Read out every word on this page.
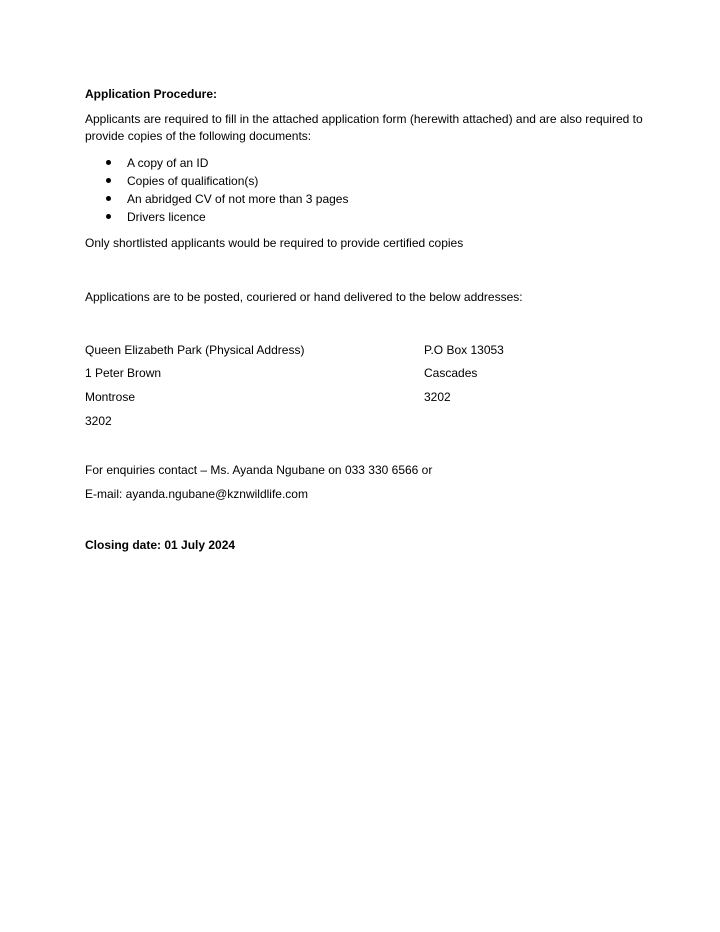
Application Procedure:
Applicants are required to fill in the attached application form (herewith attached) and are also required to provide copies of the following documents:
A copy of an ID
Copies of qualification(s)
An abridged CV of not more than 3 pages
Drivers licence
Only shortlisted applicants would be required to provide certified copies
Applications are to be posted, couriered or hand delivered to the below addresses:
Queen Elizabeth Park (Physical Address)
1 Peter Brown
Montrose
3202
P.O Box 13053
Cascades
3202
For enquiries contact – Ms. Ayanda Ngubane on 033 330 6566 or
E-mail: ayanda.ngubane@kznwildlife.com
Closing date: 01 July 2024
